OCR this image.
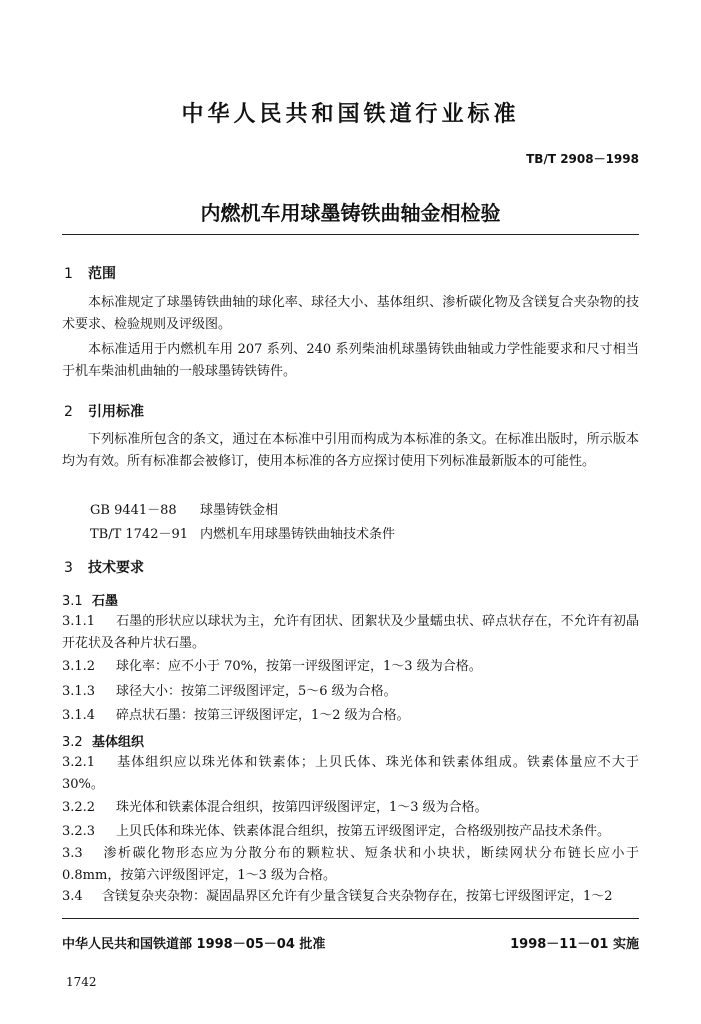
中华人民共和国铁道行业标准
TB/T 2908－1998
内燃机车用球墨铸铁曲轴金相检验
1 范围
本标准规定了球墨铸铁曲轴的球化率、球径大小、基体组织、渗析碳化物及含镁复合夹杂物的技术要求、检验规则及评级图。
本标准适用于内燃机车用 207 系列、240 系列柴油机球墨铸铁曲轴或力学性能要求和尺寸相当于机车柴油机曲轴的一般球墨铸铁铸件。
2 引用标准
下列标准所包含的条文，通过在本标准中引用而构成为本标准的条文。在标准出版时，所示版本均为有效。所有标准都会被修订，使用本标准的各方应探讨使用下列标准最新版本的可能性。
GB 9441－88 球墨铸铁金相
TB/T 1742－91 内燃机车用球墨铸铁曲轴技术条件
3 技术要求
3.1 石墨
3.1.1 石墨的形状应以球状为主，允许有团状、团絮状及少量蠕虫状、碎点状存在，不允许有初晶开花状及各种片状石墨。
3.1.2 球化率：应不小于 70%，按第一评级图评定，1～3 级为合格。
3.1.3 球径大小：按第二评级图评定，5～6 级为合格。
3.1.4 碎点状石墨：按第三评级图评定，1～2 级为合格。
3.2 基体组织
3.2.1 基体组织应以珠光体和铁素体；上贝氏体、珠光体和铁素体组成。铁素体量应不大于 30%。
3.2.2 珠光体和铁素体混合组织，按第四评级图评定，1～3 级为合格。
3.2.3 上贝氏体和珠光体、铁素体混合组织，按第五评级图评定，合格级别按产品技术条件。
3.3 渗析碳化物形态应为分散分布的颗粒状、短条状和小块状，断续网状分布链长应小于 0.8mm，按第六评级图评定，1～3 级为合格。
3.4 含镁复杂夹杂物：凝固晶界区允许有少量含镁复合夹杂物存在，按第七评级图评定，1～2
中华人民共和国铁道部 1998－05－04 批准	1998－11－01 实施
1742
